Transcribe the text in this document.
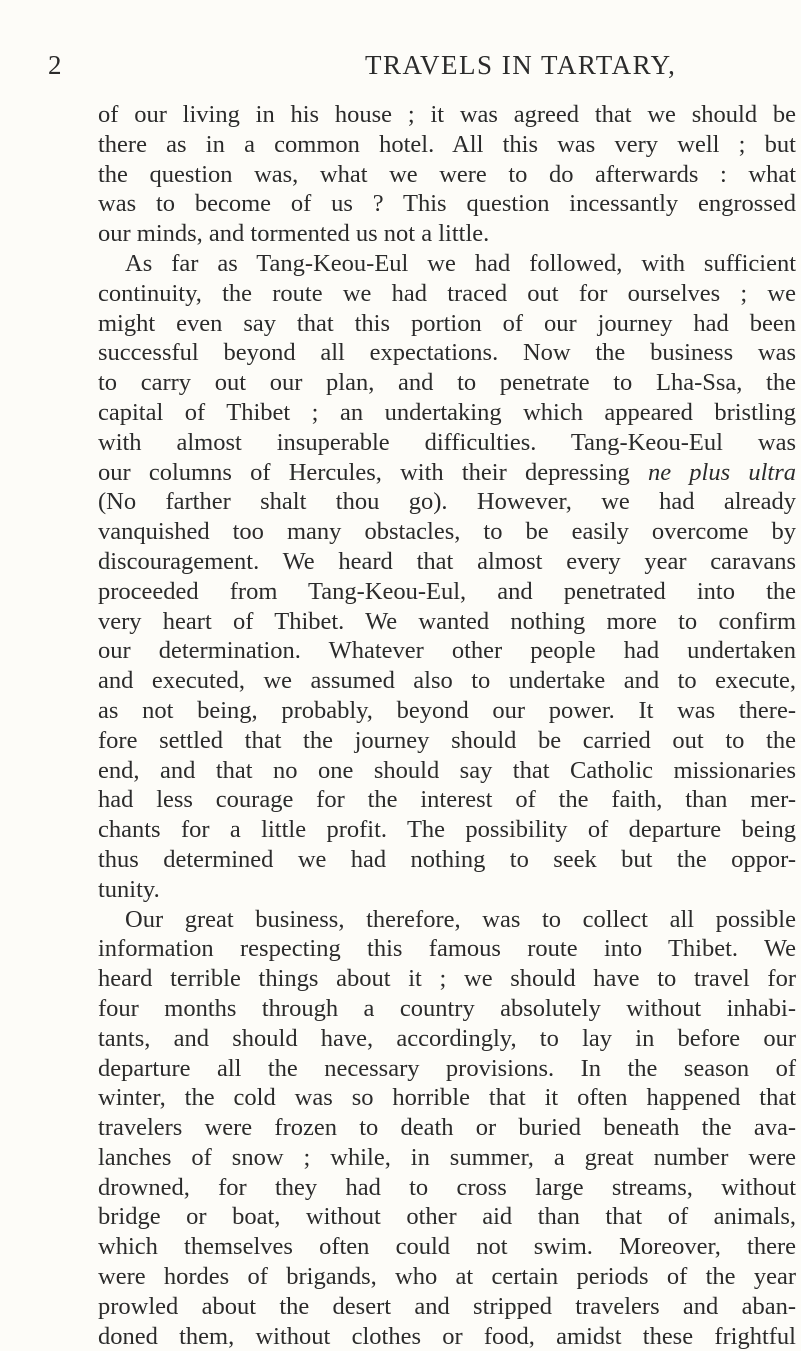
2	TRAVELS IN TARTARY,
of our living in his house ; it was agreed that we should be
there as in a common hotel. All this was very well ; but
the question was, what we were to do afterwards : what
was to become of us ? This question incessantly engrossed
our minds, and tormented us not a little.
As far as Tang-Keou-Eul we had followed, with sufficient
continuity, the route we had traced out for ourselves ; we
might even say that this portion of our journey had been
successful beyond all expectations. Now the business was
to carry out our plan, and to penetrate to Lha-Ssa, the
capital of Thibet ; an undertaking which appeared bristling
with almost insuperable difficulties. Tang-Keou-Eul was
our columns of Hercules, with their depressing ne plus ultra
(No farther shalt thou go). However, we had already
vanquished too many obstacles, to be easily overcome by
discouragement. We heard that almost every year caravans
proceeded from Tang-Keou-Eul, and penetrated into the
very heart of Thibet. We wanted nothing more to confirm
our determination. Whatever other people had undertaken
and executed, we assumed also to undertake and to execute,
as not being, probably, beyond our power. It was there-
fore settled that the journey should be carried out to the
end, and that no one should say that Catholic missionaries
had less courage for the interest of the faith, than mer-
chants for a little profit. The possibility of departure being
thus determined we had nothing to seek but the oppor-
tunity.
Our great business, therefore, was to collect all possible
information respecting this famous route into Thibet. We
heard terrible things about it ; we should have to travel for
four months through a country absolutely without inhabi-
tants, and should have, accordingly, to lay in before our
departure all the necessary provisions. In the season of
winter, the cold was so horrible that it often happened that
travelers were frozen to death or buried beneath the ava-
lanches of snow ; while, in summer, a great number were
drowned, for they had to cross large streams, without
bridge or boat, without other aid than that of animals,
which themselves often could not swim. Moreover, there
were hordes of brigands, who at certain periods of the year
prowled about the desert and stripped travelers and aban-
doned them, without clothes or food, amidst these frightful
